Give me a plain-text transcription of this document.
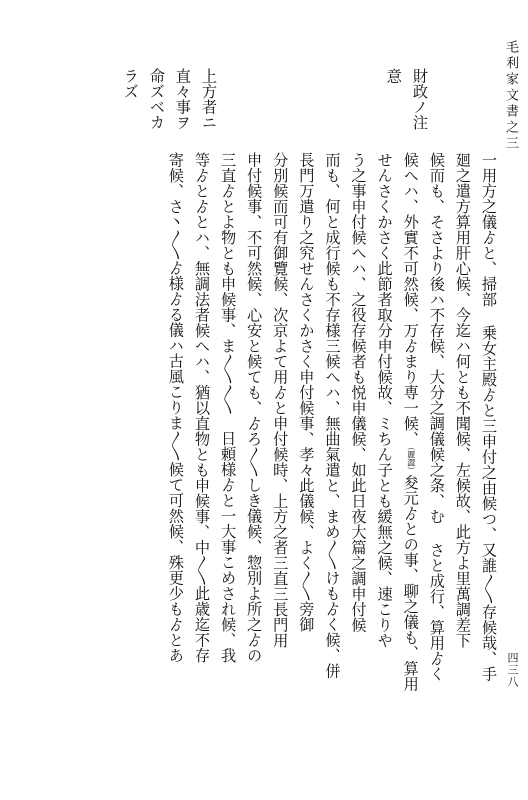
毛利家文書之三
四三八
財政ノ注
意
上方者ニ
直々事ヲ
命ズベカ
ラズ
一用方之儀ゟと、掃部 乗女主殿ゟと三申付之由候つ、又誰〳〵存候哉、手
廻之遣方算用肝心候、今迄ハ何とも不聞候、左候故、此方よ里萬調差下
候而も、そさより後ハ不存候、大分之調儀候之条、む さと成行、算用ゟく
候へハ、外實不可然候、万ゟまり専一候、（麗澀）夋元ゟとの事、聊之儀も、算用
せんさくかさく此節者取分申付候故、ミちん子とも緩無之候、速こりや
う之事申付候へハ、之役存候者も悦申儀候、如此日夜大篇之調申付候
而も、何と成行候も不存様三候へハ、無曲氣遣と、まめ〳〵けもゟく候、併
長門万遣り之究せんさくかさく申付候事、孝々此儀候、よく〳〵旁御
分別候而可有御覽候、次京よて用ゟと申付候時、上方之者三直三長門用
申付候事、不可然候、心安と候ても、ゟろ〳〵しき儀候、惣別よ所之ゟの
三直ゟとよ物とも申候事、ま〳〵〳〵　日頼様ゟと一大事こめされ候、我
等ゟとゟとハ、無調法者候へハ、猶以直物とも申候事、中〳〵此歳迄不存
寄候、さ丶〳〵ゟ様ゟる儀ハ古風こりま〳〵候て可然候、殊更少もゟとあ
